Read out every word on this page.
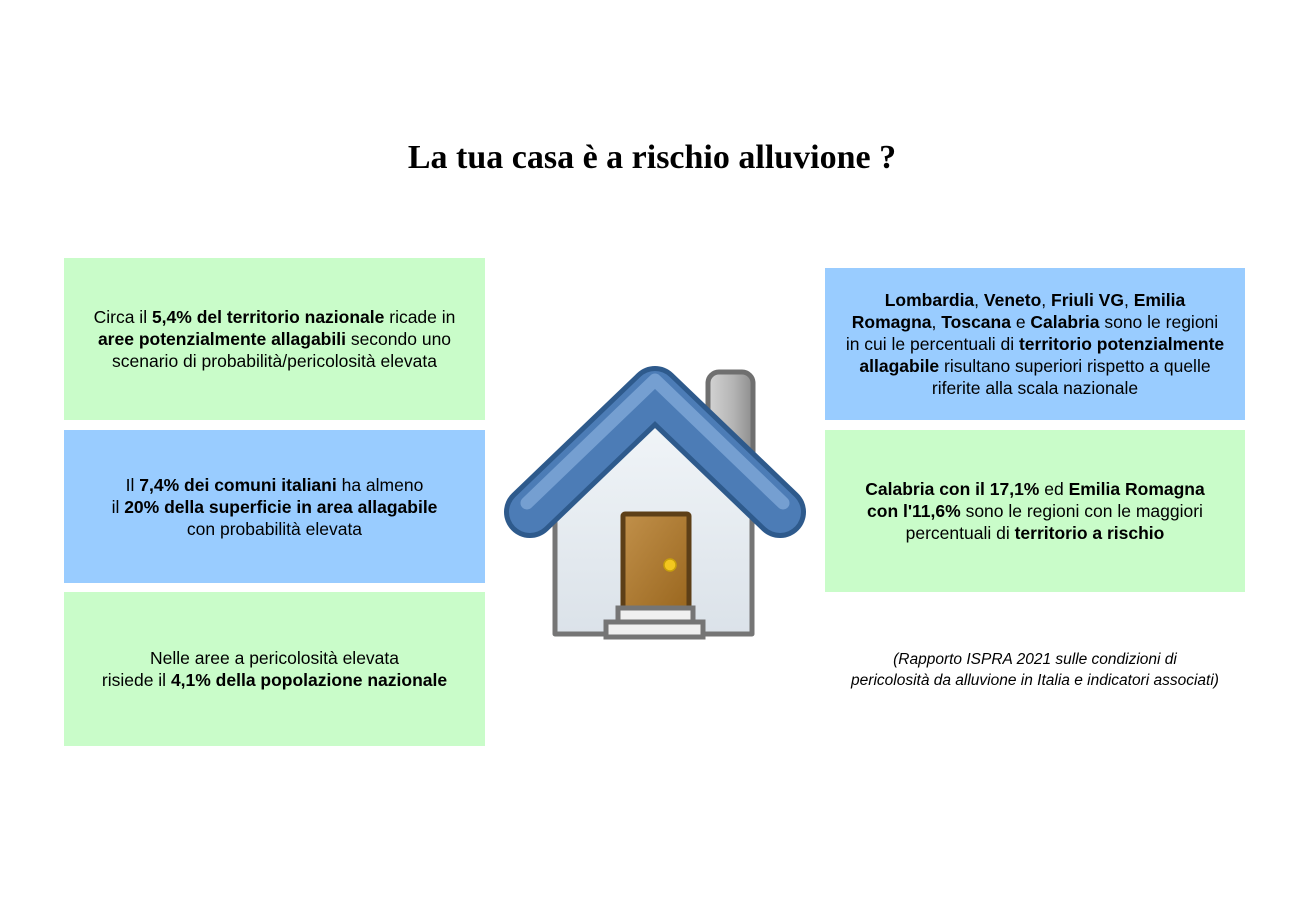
La tua casa è a rischio alluvione ?
Circa il 5,4% del territorio nazionale ricade in
aree potenzialmente allagabili secondo uno
scenario di probabilità/pericolosità elevata
Il 7,4% dei comuni italiani ha almeno
il 20% della superficie in area allagabile
con probabilità elevata
Nelle aree a pericolosità elevata
risiede il 4,1% della popolazione nazionale
Lombardia, Veneto, Friuli VG, Emilia
Romagna, Toscana e Calabria sono le regioni
in cui le percentuali di territorio potenzialmente
allagabile risultano superiori rispetto a quelle
riferite alla scala nazionale
Calabria con il 17,1% ed Emilia Romagna
con l'11,6% sono le regioni con le maggiori
percentuali di territorio a rischio
(Rapporto ISPRA 2021 sulle condizioni di
pericolosità da alluvione in Italia e indicatori associati)
